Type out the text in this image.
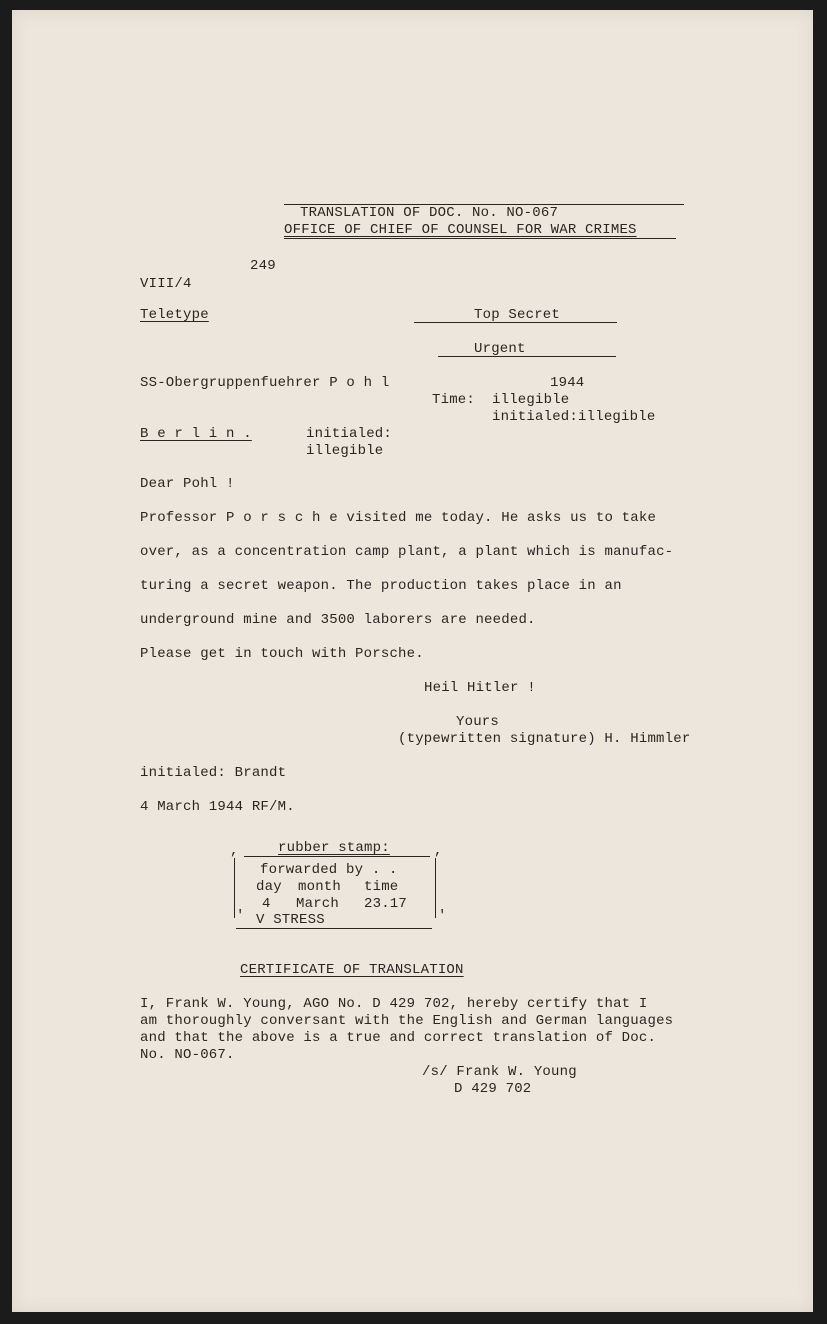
TRANSLATION OF DOC. No. NO-067
OFFICE OF CHIEF OF COUNSEL FOR WAR CRIMES
249
VIII/4
Teletype	Top Secret
Urgent
SS-Obergruppenfuehrer P o h l	1944
Time: illegible
initialed:illegible
B e r l i n .	initialed:
illegible
Dear Pohl !
Professor P o r s c h e visited me today. He asks us to take
over, as a concentration camp plant, a plant which is manufac-
turing a secret weapon. The production takes place in an
underground mine and 3500 laborers are needed.
Please get in touch with Porsche.
Heil Hitler !
Yours
(typewritten signature) H. Himmler
initialed: Brandt
4 March 1944 RF/M.
,	rubber stamp:	,
forwarded by . .
day month time
4 March 23.17
' V STRESS	'
CERTIFICATE OF TRANSLATION
I, Frank W. Young, AGO No. D 429 702, hereby certify that I
am thoroughly conversant with the English and German languages
and that the above is a true and correct translation of Doc.
No. NO-067.
/s/ Frank W. Young
D 429 702
